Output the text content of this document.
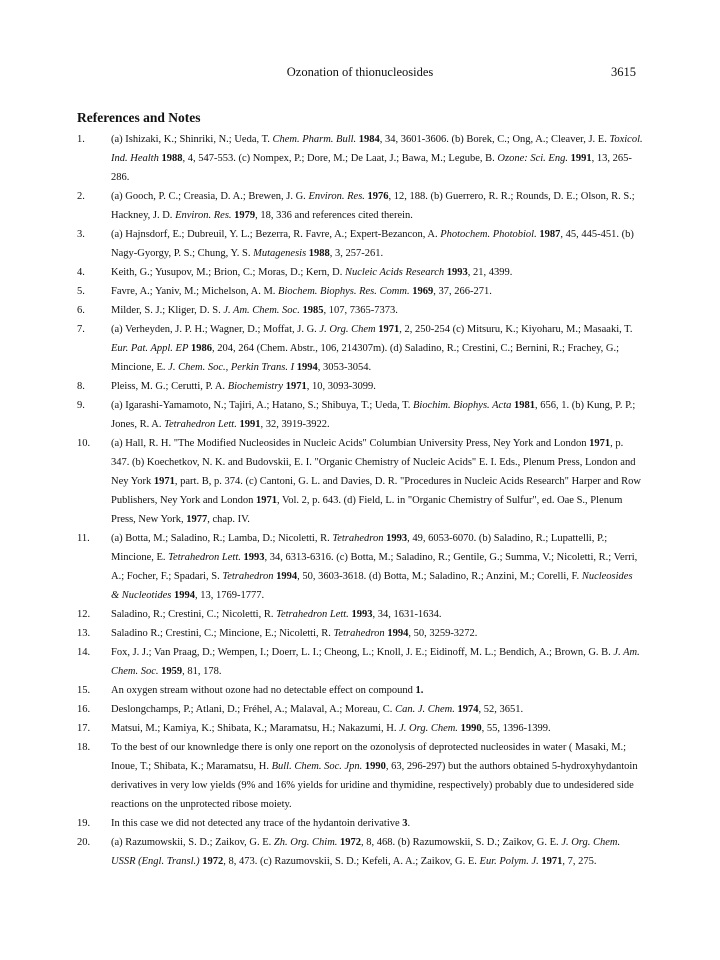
Ozonation of thionucleosides	3615
References and Notes
1.	(a) Ishizaki, K.; Shinriki, N.; Ueda, T. Chem. Pharm. Bull. 1984, 34, 3601-3606. (b) Borek, C.; Ong, A.; Cleaver, J. E. Toxicol. Ind. Health 1988, 4, 547-553. (c) Nompex, P.; Dore, M.; De Laat, J.; Bawa, M.; Legube, B. Ozone: Sci. Eng. 1991, 13, 265-286.
2.	(a) Gooch, P. C.; Creasia, D. A.; Brewen, J. G. Environ. Res. 1976, 12, 188. (b) Guerrero, R. R.; Rounds, D. E.; Olson, R. S.; Hackney, J. D. Environ. Res. 1979, 18, 336 and references cited therein.
3.	(a) Hajnsdorf, E.; Dubreuil, Y. L.; Bezerra, R. Favre, A.; Expert-Bezancon, A. Photochem. Photobiol. 1987, 45, 445-451. (b) Nagy-Gyorgy, P. S.; Chung, Y. S. Mutagenesis 1988, 3, 257-261.
4.	Keith, G.; Yusupov, M.; Brion, C.; Moras, D.; Kern, D. Nucleic Acids Research 1993, 21, 4399.
5.	Favre, A.; Yaniv, M.; Michelson, A. M. Biochem. Biophys. Res. Comm. 1969, 37, 266-271.
6.	Milder, S. J.; Kliger, D. S. J. Am. Chem. Soc. 1985, 107, 7365-7373.
7.	(a) Verheyden, J. P. H.; Wagner, D.; Moffat, J. G. J. Org. Chem 1971, 2, 250-254 (c) Mitsuru, K.; Kiyoharu, M.; Masaaki, T. Eur. Pat. Appl. EP 1986, 204, 264 (Chem. Abstr., 106, 214307m). (d) Saladino, R.; Crestini, C.; Bernini, R.; Frachey, G.; Mincione, E. J. Chem. Soc., Perkin Trans. I 1994, 3053-3054.
8.	Pleiss, M. G.; Cerutti, P. A. Biochemistry 1971, 10, 3093-3099.
9.	(a) Igarashi-Yamamoto, N.; Tajiri, A.; Hatano, S.; Shibuya, T.; Ueda, T. Biochim. Biophys. Acta 1981, 656, 1. (b) Kung, P. P.; Jones, R. A. Tetrahedron Lett. 1991, 32, 3919-3922.
10.	(a) Hall, R. H. "The Modified Nucleosides in Nucleic Acids" Columbian University Press, Ney York and London 1971, p. 347. (b) Koechetkov, N. K. and Budovskii, E. I. "Organic Chemistry of Nucleic Acids" E. I. Eds., Plenum Press, London and Ney York 1971, part. B, p. 374. (c) Cantoni, G. L. and Davies, D. R. "Procedures in Nucleic Acids Research" Harper and Row Publishers, Ney York and London 1971, Vol. 2, p. 643. (d) Field, L. in "Organic Chemistry of Sulfur", ed. Oae S., Plenum Press, New York, 1977, chap. IV.
11.	(a) Botta, M.; Saladino, R.; Lamba, D.; Nicoletti, R. Tetrahedron 1993, 49, 6053-6070. (b) Saladino, R.; Lupattelli, P.; Mincione, E. Tetrahedron Lett. 1993, 34, 6313-6316. (c) Botta, M.; Saladino, R.; Gentile, G.; Summa, V.; Nicoletti, R.; Verri, A.; Focher, F.; Spadari, S. Tetrahedron 1994, 50, 3603-3618. (d) Botta, M.; Saladino, R.; Anzini, M.; Corelli, F. Nucleosides & Nucleotides 1994, 13, 1769-1777.
12.	Saladino, R.; Crestini, C.; Nicoletti, R. Tetrahedron Lett. 1993, 34, 1631-1634.
13.	Saladino R.; Crestini, C.; Mincione, E.; Nicoletti, R. Tetrahedron 1994, 50, 3259-3272.
14.	Fox, J. J.; Van Praag, D.; Wempen, I.; Doerr, L. I.; Cheong, L.; Knoll, J. E.; Eidinoff, M. L.; Bendich, A.; Brown, G. B. J. Am. Chem. Soc. 1959, 81, 178.
15.	An oxygen stream without ozone had no detectable effect on compound 1.
16.	Deslongchamps, P.; Atlani, D.; Fréhel, A.; Malaval, A.; Moreau, C. Can. J. Chem. 1974, 52, 3651.
17.	Matsui, M.; Kamiya, K.; Shibata, K.; Maramatsu, H.; Nakazumi, H. J. Org. Chem. 1990, 55, 1396-1399.
18.	To the best of our knownledge there is only one report on the ozonolysis of deprotected nucleosides in water ( Masaki, M.; Inoue, T.; Shibata, K.; Maramatsu, H. Bull. Chem. Soc. Jpn. 1990, 63, 296-297) but the authors obtained 5-hydroxyhydantoin derivatives in very low yields (9% and 16% yields for uridine and thymidine, respectively) probably due to undesidered side reactions on the unprotected ribose moiety.
19.	In this case we did not detected any trace of the hydantoin derivative 3.
20.	(a) Razumowskii, S. D.; Zaikov, G. E. Zh. Org. Chim. 1972, 8, 468. (b) Razumowskii, S. D.; Zaikov, G. E. J. Org. Chem. USSR (Engl. Transl.) 1972, 8, 473. (c) Razumovskii, S. D.; Kefeli, A. A.; Zaikov, G. E. Eur. Polym. J. 1971, 7, 275.
